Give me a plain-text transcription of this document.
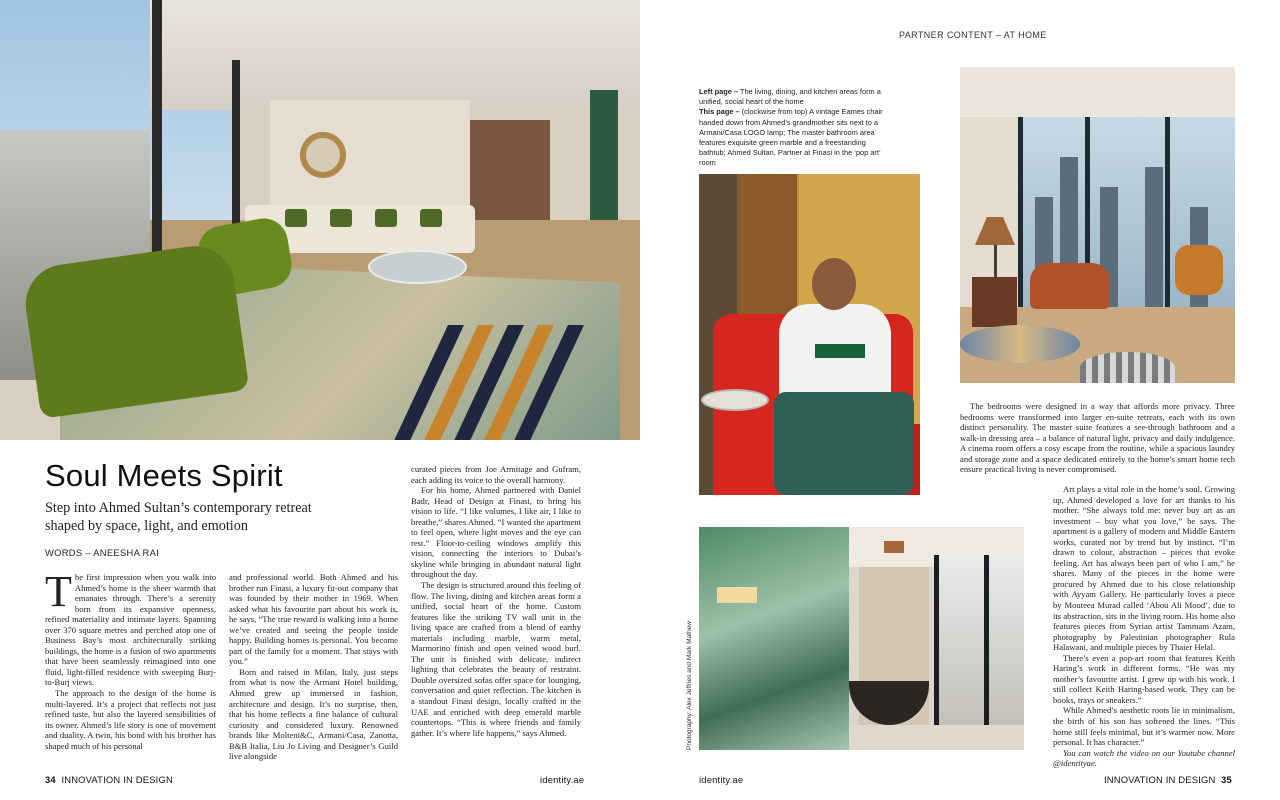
Photography: Alex Jeffries and Mark Mathew
PARTNER CONTENT – AT HOME
Left page – The living, dining, and kitchen areas form a unified, social heart of the home
This page – (clockwise from top) A vintage Eames chair handed down from Ahmed’s grandmother sits next to a Armani/Casa LOGO lamp; The master bathroom area features exquisite green marble and a freestanding bathtub; Ahmed Sultan, Partner at Finasi in the ‘pop art’ room
Soul Meets Spirit
Step into Ahmed Sultan’s contemporary retreat shaped by space, light, and emotion
WORDS – ANEESHA RAI

The first impression when you walk into Ahmed’s home is the sheer warmth that emanates through. There’s a serenity born from its expansive openness, refined materiality and intimate layers. Spanning over 370 square metres and perched atop one of Business Bay’s most architecturally striking buildings, the home is a fusion of two apartments that have been seamlessly reimagined into one fluid, light-filled residence with sweeping Burj-to-Burj views.

The approach to the design of the home is multi-layered. It’s a project that reflects not just refined taste, but also the layered sensibilities of its owner. Ahmed’s life story is one of movement and duality. A twin, his bond with his brother has shaped much of his personal

and professional world. Both Ahmed and his brother run Finasi, a luxury fit-out company that was founded by their mother in 1969. When asked what his favourite part about his work is, he says, “The true reward is walking into a home we’ve created and seeing the people inside happy. Building homes is personal. You become part of the family for a moment. That stays with you.”

Born and raised in Milan, Italy, just steps from what is now the Armani Hotel building, Ahmed grew up immersed in fashion, architecture and design. It’s no surprise, then, that his home reflects a fine balance of cultural curiosity and considered luxury. Renowned brands like Molteni&C, Armani/Casa, Zanotta, B&B Italia, Liu Jo Living and Designer’s Guild live alongside

curated pieces from Joe Armitage and Gufram, each adding its voice to the overall harmony.

For his home, Ahmed partnered with Daniel Badr, Head of Design at Finasi, to bring his vision to life. “I like volumes, I like air, I like to breathe,” shares Ahmed. “I wanted the apartment to feel open, where light moves and the eye can rest.” Floor-to-ceiling windows amplify this vision, connecting the interiors to Dubai’s skyline while bringing in abundant natural light throughout the day.

The design is structured around this feeling of flow. The living, dining and kitchen areas form a unified, social heart of the home. Custom features like the striking TV wall unit in the living space are crafted from a blend of earthy materials including marble, warm metal, Marmorino finish and open veined wood burl. The unit is finished with delicate, indirect lighting that celebrates the beauty of restraint. Double oversized sofas offer space for lounging, conversation and quiet reflection. The kitchen is a standout Finasi design, locally crafted in the UAE and enriched with deep emerald marble countertops. “This is where friends and family gather. It’s where life happens,” says Ahmed.

The bedrooms were designed in a way that affords more privacy. Three bedrooms were transformed into larger en-suite retreats, each with its own distinct personality. The master suite features a see-through bathroom and a walk-in dressing area – a balance of natural light, privacy and daily indulgence. A cinema room offers a cosy escape from the routine, while a spacious laundry and storage zone and a space dedicated entirely to the home’s smart home tech ensure practical living is never compromised.

Art plays a vital role in the home’s soul. Growing up, Ahmed developed a love for art thanks to his mother. “She always told me: never buy art as an investment – buy what you love,” he says. The apartment is a gallery of modern and Middle Eastern works, curated not by trend but by instinct. “I’m drawn to colour, abstraction – pieces that evoke feeling. Art has always been part of who I am,” he shares. Many of the pieces in the home were procured by Ahmed due to his close relationship with Ayyam Gallery. He particularly loves a piece by Mouteea Murad called ‘Abou Ali Mood’, due to its abstraction, sits in the living room. His home also features pieces from Syrian artist Tammam Azam, photography by Palestinian photographer Rula Halawani, and multiple pieces by Thaier Helal.

There’s even a pop-art room that features Keith Haring’s work in different forms. “He was my mother’s favourite artist. I grew up with his work. I still collect Keith Haring-based work. They can be books, trays or sneakers.”

While Ahmed’s aesthetic roots lie in minimalism, the birth of his son has softened the lines. “This home still feels minimal, but it’s warmer now. More personal. It has character.”

You can watch the video on our Youtube channel @identityae.

34 INNOVATION IN DESIGN	identity.ae	identity.ae	INNOVATION IN DESIGN 35
